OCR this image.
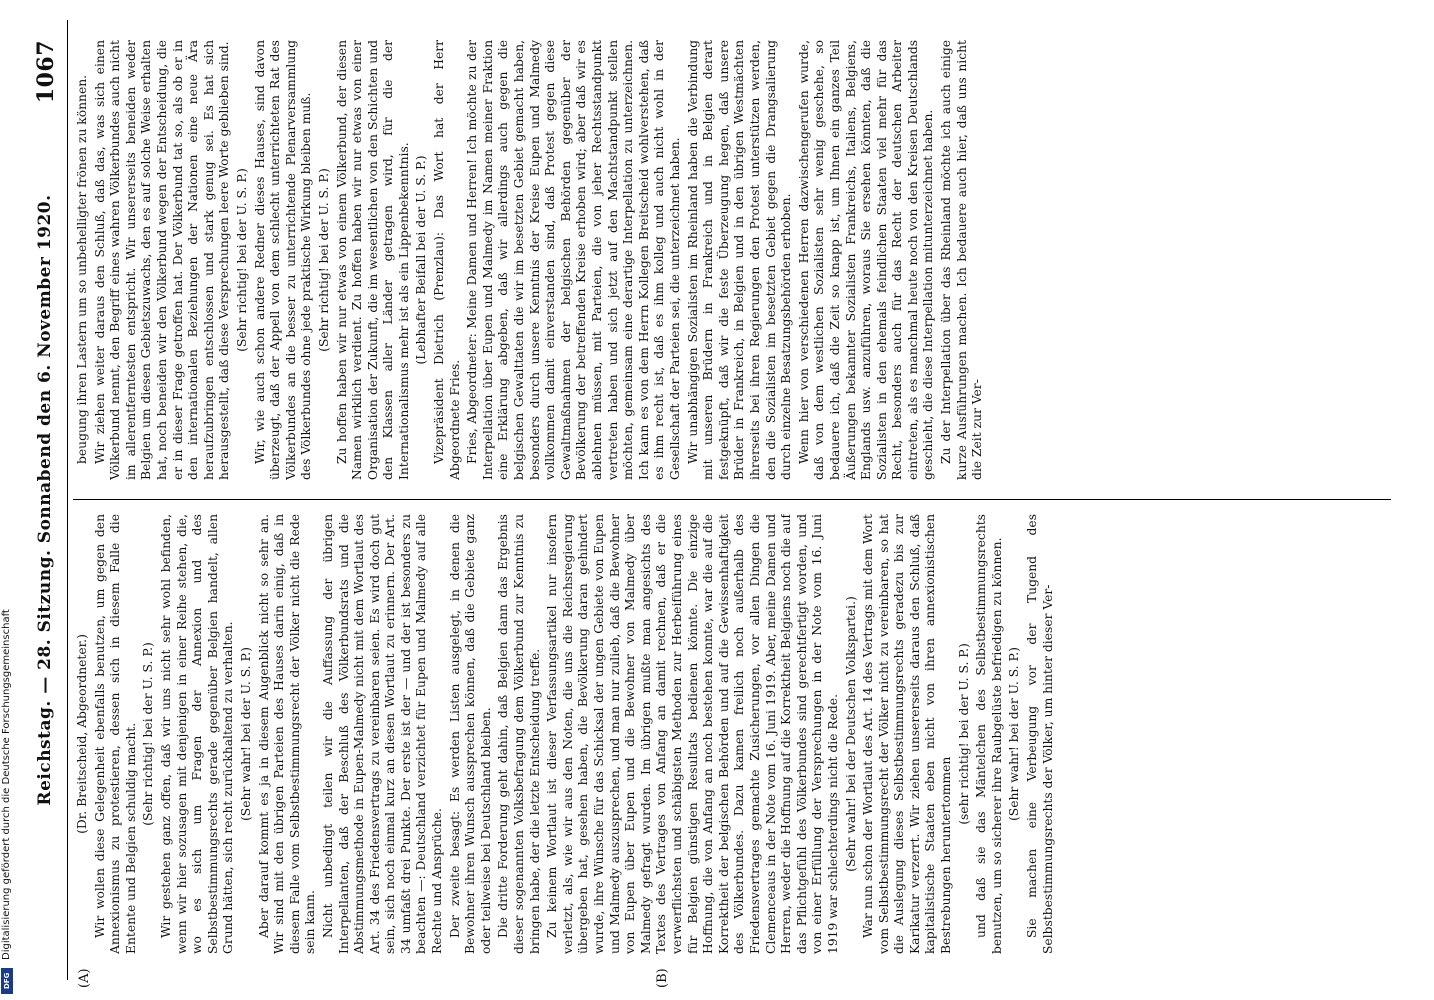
Digitalisierung gefördert durch die Deutsche Forschungsgemeinschaft
DFG
Reichstag. — 28. Sitzung. Sonnabend den 6. November 1920.
1067
(A)	(B)

(Dr. Breitscheid, Abgeordneter.) Wir wollen diese Gelegenheit ebenfalls benutzen, um gegen den Annexionismus zu protestieren, dessen sich in diesem Falle die Entente und Belgien schuldig macht. (Sehr richtig! bei der U. S. P.) Wir gestehen ganz offen, daß wir uns nicht sehr wohl befinden, wenn wir hier sozusagen mit denjenigen in einer Reihe stehen, die, wo es sich um Fragen der Annexion und des Selbstbestimmungsrechts gerade gegenüber Belgien handelt, allen Grund hätten, sich recht zurückhaltend zu verhalten. (Sehr wahr! bei der U. S. P.) Aber darauf kommt es ja in diesem Augenblick nicht so sehr an. Wir sind mit den übrigen Parteien des Hauses darin einig, daß in diesem Falle vom Selbstbestimmungsrecht der Völker nicht die Rede sein kann. Nicht unbedingt teilen wir die Auffassung der übrigen Interpellanten, daß der Beschluß des Völkerbundsrats und die Abstimmungsmethode in Eupen-Malmedy nicht mit dem Wortlaut des Art. 34 des Friedensvertrags zu vereinbaren seien. Es wird doch gut sein, sich noch einmal kurz an diesen Wortlaut zu erinnern. Der Art. 34 umfaßt drei Punkte. Der erste ist der — und der ist besonders zu beachten —: Deutschland verzichtet für Eupen und Malmedy auf alle Rechte und Ansprüche. Der zweite besagt: Es werden Listen ausgelegt, in denen die Bewohner ihren Wunsch aussprechen können, daß die Gebiete ganz oder teilweise bei Deutschland bleiben. Die dritte Forderung geht dahin, daß Belgien dann das Ergebnis dieser sogenannten Volksbefragung dem Völkerbund zur Kenntnis zu bringen habe, der die letzte Entscheidung treffe. Zu keinem Wortlaut ist dieser Verfassungsartikel nur insofern verletzt, als, wie wir aus den Noten, die uns die Reichsregierung übergeben hat, gesehen haben, die Bevölkerung daran gehindert wurde, ihre Wünsche für das Schicksal der ungen Gebiete von Eupen und Malmedy auszusprechen, und man nur zulieb, daß die Bewohner von Eupen über Eupen und die Bewohner von Malmedy über Malmedy gefragt wurden. Im übrigen mußte man angesichts des Textes des Vertrages von Anfang an damit rechnen, daß er die verwerflichsten und schäbigsten Methoden zur Herbeiführung eines für Belgien günstigen Resultats bedienen könnte. Die einzige Hoffnung, die von Anfang an noch bestehen konnte, war die auf die Korrektheit der belgischen Behörden und auf die Gewissenhaftigkeit des Völkerbundes. Dazu kamen freilich noch außerhalb des Friedensvertrages gemachte Zusicherungen, vor allen Dingen die Clemenceaus in der Note vom 16. Juni 1919. Aber, meine Damen und Herren, weder die Hoffnung auf die Korrektheit Belgiens noch die auf das Pflichtgefühl des Völkerbundes sind gerechtfertigt worden, und von einer Erfüllung der Versprechungen in der Note vom 16. Juni 1919 war schlechterdings nicht die Rede. (Sehr wahr! bei der Deutschen Volkspartei.) War nun schon der Wortlaut des Art. 14 des Vertrags mit dem Wort vom Selbstbestimmungsrecht der Völker nicht zu vereinbaren, so hat die Auslegung dieses Selbstbestimmungsrechts geradezu bis zur Karikatur verzerrt. Wir ziehen unsererseits daraus den Schluß, daß kapitalistische Staaten eben nicht von ihren annexionistischen Bestrebungen heruntertommen

(sehr richtig! bei der U. S. P.) und daß sie das Mäntelchen des Selbstbestimmungsrechts benutzen, um so sicherer ihre Raubgelüste befriedigen zu können. (Sehr wahr! bei der U. S. P.) Sie machen eine Verbeugung vor der Tugend des Selbstbestimmungsrechts der Völker, um hinter dieser Ver-

beugung ihren Lastern um so unbehelligter frönen zu können. Wir ziehen weiter daraus den Schluß, daß das, was sich einen Völkerbund nennt, den Begriff eines wahren Völkerbundes auch nicht im allerentferntesten entspricht. Wir unsererseits beneiden weder Belgien um diesen Gebietszuwachs, den es auf solche Weise erhalten hat, noch beneiden wir den Völkerbund wegen der Entscheidung, die er in dieser Frage getroffen hat. Der Völkerbund tat so, als ob er in den internationalen Beziehungen der Nationen eine neue Ära heraufzubringen entschlossen und stark genug sei. Es hat sich herausgestellt, daß diese Versprechungen leere Worte geblieben sind. (Sehr richtig! bei der U. S. P.) Wir, wie auch schon andere Redner dieses Hauses, sind davon überzeugt, daß der Appell von dem schlecht unterrichteten Rat des Völkerbundes an die besser zu unterrichtende Plenarversammlung des Völkerbundes ohne jede praktische Wirkung bleiben muß. (Sehr richtig! bei der U. S. P.) Zu hoffen haben wir nur etwas von einem Völkerbund, der diesen Namen wirklich verdient. Zu hoffen haben wir nur etwas von einer Organisation der Zukunft, die im wesentlichen von den Schichten und den Klassen aller Länder getragen wird, für die der Internationalismus mehr ist als ein Lippenbekenntnis. (Lebhafter Beifall bei der U. S. P.) Vizepräsident Dietrich (Prenzlau): Das Wort hat der Herr Abgeordnete Fries. Fries, Abgeordneter: Meine Damen und Herren! Ich möchte zu der Interpellation über Eupen und Malmedy im Namen meiner Fraktion eine Erklärung abgeben, daß wir allerdings auch gegen die belgischen Gewalttaten die wir im besetzten Gebiet gemacht haben, besonders durch unsere Kenntnis der Kreise Eupen und Malmedy vollkommen damit einverstanden sind, daß Protest gegen diese Gewaltmaßnahmen der belgischen Behörden gegenüber der Bevölkerung der betreffenden Kreise erhoben wird; aber daß wir es ablehnen müssen, mit Parteien, die von jeher Rechtsstandpunkt vertreten haben und sich jetzt auf den Machtstandpunkt stellen möchten, gemeinsam eine derartige Interpellation zu unterzeichnen. Ich kann es von dem Herrn Kollegen Breitscheid wohlverstehen, daß es ihm recht ist, daß es ihm kolleg und auch nicht wohl in der Gesellschaft der Parteien sei, die unterzeichnet haben. Wir unabhängigen Sozialisten im Rheinland haben die Verbindung mit unseren Brüdern in Frankreich und in Belgien derart festgeknüpft, daß wir die feste Überzeugung hegen, daß unsere Brüder in Frankreich, in Belgien und in den übrigen Westmächten ihrerseits bei ihren Regierungen den Protest unterstützen werden, den die Sozialisten im besetzten Gebiet gegen die Drangsalierung durch einzelne Besatzungsbehörden erhoben. Wenn hier von verschiedenen Herren dazwischengerufen wurde, daß von dem westlichen Sozialisten sehr wenig geschehe, so bedauere ich, daß die Zeit so knapp ist, um Ihnen ein ganzes Teil Äußerungen bekannter Sozialisten Frankreichs, Italiens, Belgiens, Englands usw. anzuführen, woraus Sie ersehen könnten, daß die Sozialisten in den ehemals feindlichen Staaten viel mehr für das Recht, besonders auch für das Recht der deutschen Arbeiter eintreten, als es manchmal heute noch von den Kreisen Deutschlands geschieht, die diese Interpellation mitunterzeichnet haben. Zu der Interpellation über das Rheinland möchte ich auch einige kurze Ausführungen machen. Ich bedauere auch hier, daß uns nicht die Zeit zur Ver-
